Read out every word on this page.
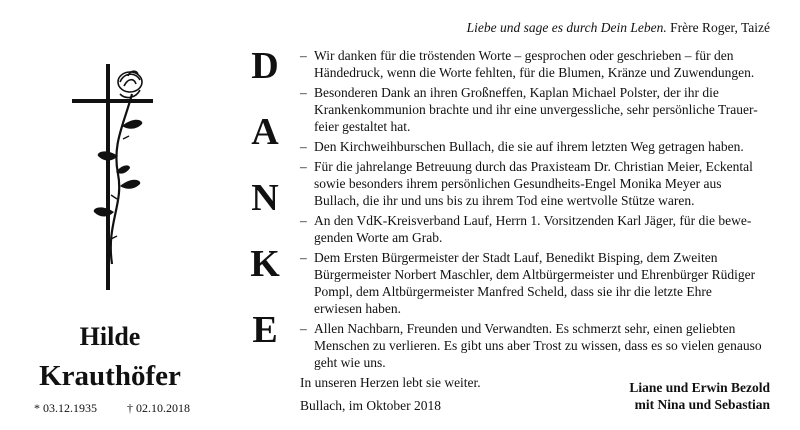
Liebe und sage es durch Dein Leben. Frère Roger, Taizé
Hilde
Krauthöfer
* 03.12.1935	† 02.10.2018
D
A
N
K
E
– Wir danken für die tröstenden Worte – gesprochen oder geschrieben – für den
Händedruck, wenn die Worte fehlten, für die Blumen, Kränze und Zuwendungen.
– Besonderen Dank an ihren Großneffen, Kaplan Michael Polster, der ihr die
Krankenkommunion brachte und ihr eine unvergessliche, sehr persönliche Trauer-
feier gestaltet hat.
– Den Kirchweihburschen Bullach, die sie auf ihrem letzten Weg getragen haben.
– Für die jahrelange Betreuung durch das Praxisteam Dr. Christian Meier, Eckental
sowie besonders ihrem persönlichen Gesundheits-Engel Monika Meyer aus
Bullach, die ihr und uns bis zu ihrem Tod eine wertvolle Stütze waren.
– An den VdK-Kreisverband Lauf, Herrn 1. Vorsitzenden Karl Jäger, für die bewe-
genden Worte am Grab.
– Dem Ersten Bürgermeister der Stadt Lauf, Benedikt Bisping, dem Zweiten
Bürgermeister Norbert Maschler, dem Altbürgermeister und Ehrenbürger Rüdiger
Pompl, dem Altbürgermeister Manfred Scheld, dass sie ihr die letzte Ehre
erwiesen haben.
– Allen Nachbarn, Freunden und Verwandten. Es schmerzt sehr, einen geliebten
Menschen zu verlieren. Es gibt uns aber Trost zu wissen, dass es so vielen genauso
geht wie uns.
In unseren Herzen lebt sie weiter.
Bullach, im Oktober 2018
Liane und Erwin Bezold
mit Nina und Sebastian
